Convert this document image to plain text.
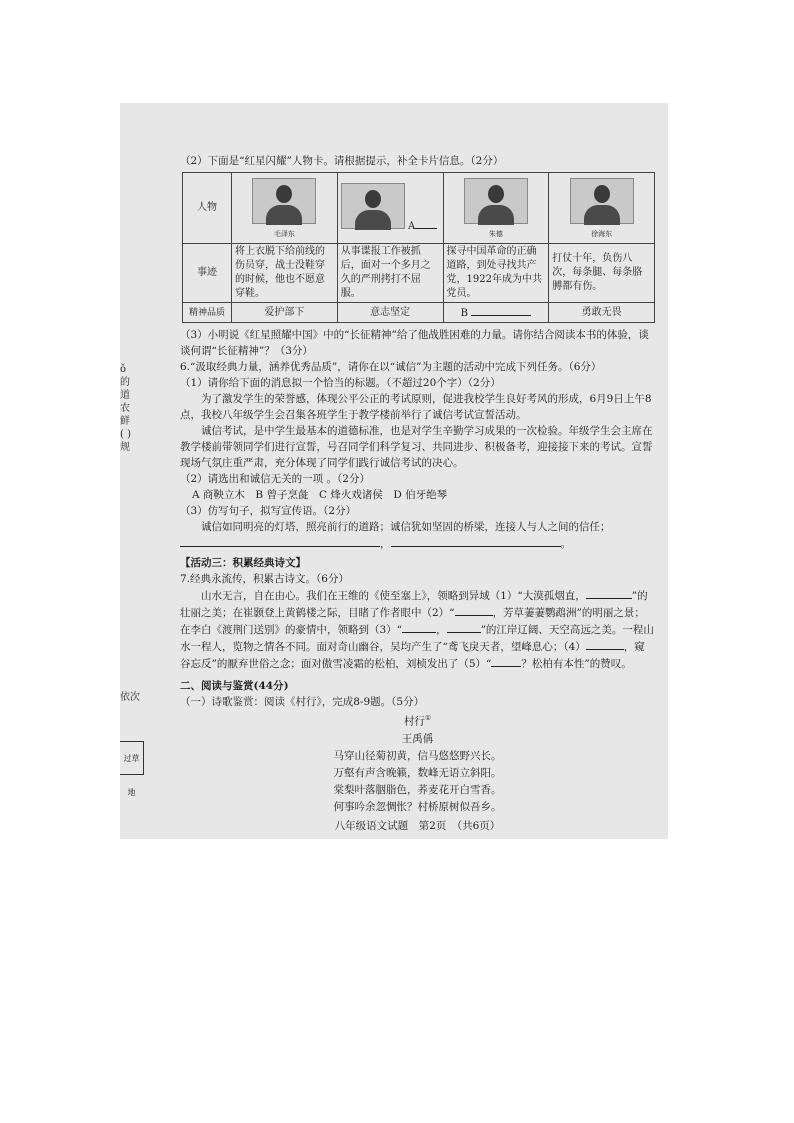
ǒ
的
道
农
鲜
( )
规
依次
过草地
（2）下面是“红星闪耀”人物卡。请根据提示，补全卡片信息。（2分）
人物	毛泽东	A	朱德	徐海东

事迹	将上衣脱下给前线的伤员穿，战士没鞋穿的时候，他也不愿意穿鞋。	从事谍报工作被抓后，面对一个多月之久的严刑拷打不屈服。	探寻中国革命的正确道路，到处寻找共产党，1922年成为中共党员。	打仗十年，负伤八次，每条腿、每条胳膊都有伤。
精神品质	爱护部下	意志坚定	B	勇敢无畏
（3）小明说《红星照耀中国》中的“长征精神”给了他战胜困难的力量。请你结合阅读本书的体验，谈谈何谓“长征精神”？（3分）
6.“汲取经典力量，涵养优秀品质”，请你在以“诚信”为主题的活动中完成下列任务。（6分）
（1）请你给下面的消息拟一个恰当的标题。（不超过20个字）（2分）
为了激发学生的荣誉感，体现公平公正的考试原则，促进我校学生良好考风的形成，6月9日上午8点，我校八年级学生会召集各班学生于教学楼前举行了诚信考试宣誓活动。
诚信考试，是中学生最基本的道德标准，也是对学生辛勤学习成果的一次检验。年级学生会主席在教学楼前带领同学们进行宣誓，号召同学们科学复习、共同进步、积极备考，迎接接下来的考试。宣誓现场气氛庄重严肃，充分体现了同学们践行诚信考试的决心。
（2）请选出和诚信无关的一项 。（2分）
A 商鞅立木　B 曾子烹彘　C 烽火戏诸侯　D 伯牙绝琴
（3）仿写句子，拟写宣传语。（2分）
诚信如同明亮的灯塔，照亮前行的道路；诚信犹如坚固的桥梁，连接人与人之间的信任；
，	。
【活动三：积累经典诗文】
7.经典永流传，积累古诗文。（6分）
山水无言，自在由心。我们在王维的《使至塞上》，领略到异域（1）“大漠孤烟直，	”的壮丽之美；在崔颢登上黄鹤楼之际，目睹了作者眼中（2）“	，芳草萋萋鹦鹉洲”的明丽之景；在李白《渡荆门送别》的豪情中，领略到（3）“	，	”的江岸辽阔、天空高远之美。一程山水一程人，览物之情各不同。面对奇山幽谷，吴均产生了“鸢飞戾天者，望峰息心；（4）	，窥谷忘反”的厭弃世俗之念；面对傲雪凌霜的松柏，刘桢发出了（5）“	？松柏有本性”的赞叹。
二、阅读与鉴赏(44分)
（一）诗歌鉴赏：阅读《村行》，完成8-9题。（5分）
村行①
王禹偁
马穿山径菊初黄，信马悠悠野兴长。
万壑有声含晚籁，数峰无语立斜阳。
棠梨叶落胭脂色，荞麦花开白雪香。
何事吟余忽惆怅？村桥原树似吾乡。
八年级语文试题　第2页　（共6页）
